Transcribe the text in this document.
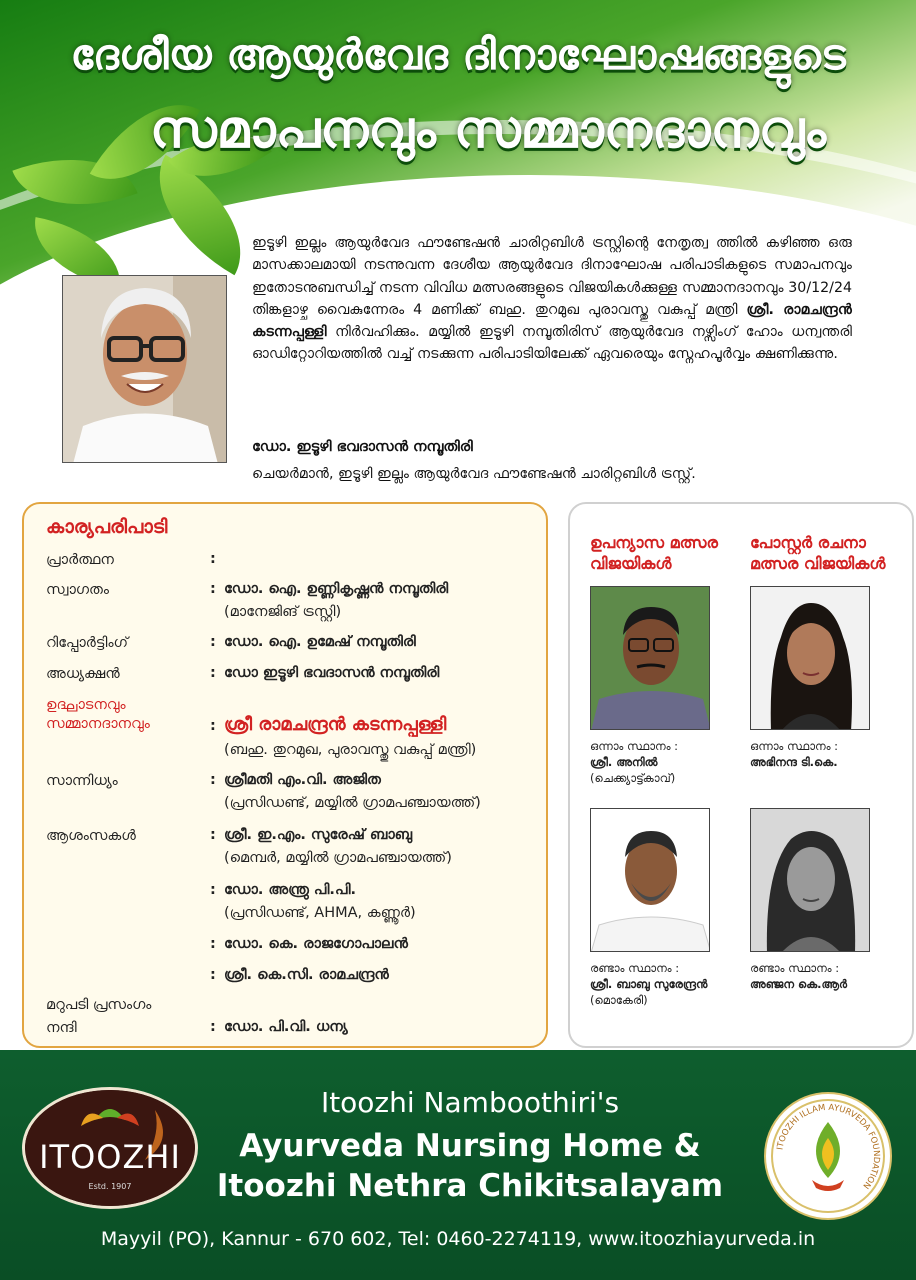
ദേശീയ ആയുർവേദ ദിനാഘോഷങ്ങളുടെ
സമാപനവും സമ്മാനദാനവും
ഇടൂഴി ഇല്ലം ആയുർവേദ ഫൗണ്ടേഷൻ ചാരിറ്റബിൾ ട്രസ്റ്റിന്റെ നേതൃത്വ ത്തിൽ കഴിഞ്ഞ ഒരു മാസക്കാലമായി നടന്നുവന്ന ദേശീയ ആയുർവേദ ദിനാഘോഷ പരിപാടികളുടെ സമാപനവും ഇതോടനുബന്ധിച്ച് നടന്ന വിവിധ മത്സരങ്ങളുടെ വിജയികൾക്കുള്ള സമ്മാനദാനവും 30/12/24 തിങ്കളാഴ്ച വൈകുന്നേരം 4 മണിക്ക് ബഹു. തുറമുഖ പുരാവസ്തു വകുപ്പ് മന്ത്രി ശ്രീ. രാമചന്ദ്രൻ കടന്നപ്പള്ളി നിർവഹിക്കും. മയ്യിൽ ഇടൂഴി നമ്പൂതിരിസ് ആയുർവേദ നഴ്സിംഗ് ഹോം ധന്വന്തരി ഓഡിറ്റോറിയത്തിൽ വച്ച് നടക്കുന്ന പരിപാടിയിലേക്ക് ഏവരെയും സ്നേഹപൂർവ്വം ക്ഷണിക്കുന്നു.
ഡോ. ഇടൂഴി ഭവദാസൻ നമ്പൂതിരി
ചെയർമാൻ, ഇടൂഴി ഇല്ലം ആയുർവേദ ഫൗണ്ടേഷൻ ചാരിറ്റബിൾ ട്രസ്റ്റ്.
കാര്യപരിപാടി
പ്രാർത്ഥന	:
സ്വാഗതം	: ഡോ. ഐ. ഉണ്ണികൃഷ്ണൻ നമ്പൂതിരി
(മാനേജിങ് ട്രസ്റ്റി)
റിപ്പോർട്ടിംഗ്	: ഡോ. ഐ. ഉമേഷ് നമ്പൂതിരി
അധ്യക്ഷൻ	: ഡോ ഇടൂഴി ഭവദാസൻ നമ്പൂതിരി
ഉദ്ഘാടനവും സമ്മാനദാനവും	: ശ്രീ രാമചന്ദ്രൻ കടന്നപ്പള്ളി
(ബഹു. തുറമുഖ, പുരാവസ്തു വകുപ്പ് മന്ത്രി)
സാന്നിധ്യം	: ശ്രീമതി എം.വി. അജിത
(പ്രസിഡണ്ട്, മയ്യിൽ ഗ്രാമപഞ്ചായത്ത്)
ആശംസകൾ	: ശ്രീ. ഇ.എം. സുരേഷ് ബാബു
(മെമ്പർ, മയ്യിൽ ഗ്രാമപഞ്ചായത്ത്)
: ഡോ. അന്ത്രു പി.പി.
(പ്രസിഡണ്ട്, AHMA, കണ്ണൂർ)
: ഡോ. കെ. രാജഗോപാലൻ
: ശ്രീ. കെ.സി. രാമചന്ദ്രൻ
മറുപടി പ്രസംഗം
നന്ദി	: ഡോ. പി.വി. ധന്യ
ഉപന്യാസ മത്സര വിജയികൾ
പോസ്റ്റർ രചനാ മത്സര വിജയികൾ
ഒന്നാം സ്ഥാനം :
ശ്രീ. അനിൽ
(ചെക്ക്യാട്ട്കാവ്)
ഒന്നാം സ്ഥാനം :
അഭിനന്ദ ടി.കെ.
രണ്ടാം സ്ഥാനം :
ശ്രീ. ബാബു സുരേന്ദ്രൻ
(മൊകേരി)
രണ്ടാം സ്ഥാനം :
അഞ്ജന കെ.ആർ
ITOOZHI
Estd. 1907
Itoozhi Namboothiri's
Ayurveda Nursing Home &
Itoozhi Nethra Chikitsalayam
Mayyil (PO), Kannur - 670 602, Tel: 0460-2274119, www.itoozhiayurveda.in
ITOOZHI ILLAM AYURVEDA FOUNDATION
